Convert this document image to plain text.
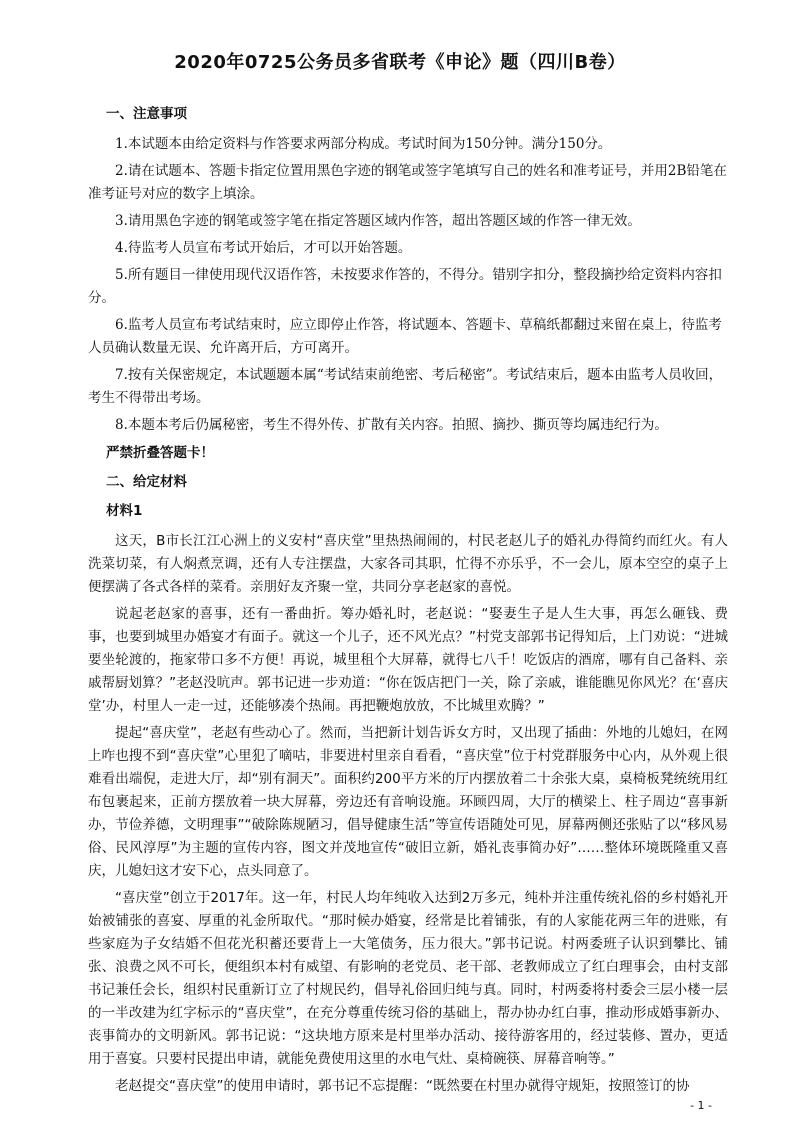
2020年0725公务员多省联考《申论》题（四川B卷）
一、注意事项

1.本试题本由给定资料与作答要求两部分构成。考试时间为150分钟。满分150分。

2.请在试题本、答题卡指定位置用黑色字迹的钢笔或签字笔填写自己的姓名和准考证号，并用2B铅笔在准考证号对应的数字上填涂。

3.请用黑色字迹的钢笔或签字笔在指定答题区域内作答，超出答题区域的作答一律无效。

4.待监考人员宣布考试开始后，才可以开始答题。

5.所有题目一律使用现代汉语作答，未按要求作答的，不得分。错别字扣分，整段摘抄给定资料内容扣分。

6.监考人员宣布考试结束时，应立即停止作答，将试题本、答题卡、草稿纸都翻过来留在桌上，待监考人员确认数量无误、允许离开后，方可离开。

7.按有关保密规定，本试题题本属“考试结束前绝密、考后秘密”。考试结束后，题本由监考人员收回，考生不得带出考场。

8.本题本考后仍属秘密，考生不得外传、扩散有关内容。拍照、摘抄、撕页等均属违纪行为。

严禁折叠答题卡！
二、给定材料
材料1

这天，B市长江江心洲上的义安村“喜庆堂”里热热闹闹的，村民老赵儿子的婚礼办得简约而红火。有人洗菜切菜，有人焖煮烹调，还有人专注摆盘，大家各司其职，忙得不亦乐乎，不一会儿，原本空空的桌子上便摆满了各式各样的菜肴。亲朋好友齐聚一堂，共同分享老赵家的喜悦。

说起老赵家的喜事，还有一番曲折。筹办婚礼时，老赵说：“娶妻生子是人生大事，再怎么砸钱、费事，也要到城里办婚宴才有面子。就这一个儿子，还不风光点？”村党支部郭书记得知后，上门劝说：“进城要坐轮渡的，拖家带口多不方便！再说，城里租个大屏幕，就得七八千！吃饭店的酒席，哪有自己备料、亲戚帮厨划算？”老赵没吭声。郭书记进一步劝道：“你在饭店把门一关，除了亲戚，谁能瞧见你风光？在‘喜庆堂’办，村里人一走一过，还能够凑个热闹。再把鞭炮放放，不比城里欢腾？”

提起“喜庆堂”，老赵有些动心了。然而，当把新计划告诉女方时，又出现了插曲：外地的儿媳妇，在网上咋也搜不到“喜庆堂”心里犯了嘀咕，非要进村里亲自看看，“喜庆堂”位于村党群服务中心内，从外观上很难看出端倪，走进大厅，却“别有洞天”。面积约200平方米的厅内摆放着二十余张大桌，桌椅板凳统统用红布包裹起来，正前方摆放着一块大屏幕，旁边还有音响设施。环顾四周，大厅的横梁上、柱子周边“喜事新办，节俭养德，文明理事”“破除陈规陋习，倡导健康生活”等宣传语随处可见，屏幕两侧还张贴了以“移风易俗、民风淳厚”为主题的宣传内容，图文并茂地宣传“破旧立新，婚礼丧事简办好”……整体环境既隆重又喜庆，儿媳妇这才安下心，点头同意了。

“喜庆堂”创立于2017年。这一年，村民人均年纯收入达到2万多元，纯朴并注重传统礼俗的乡村婚礼开始被铺张的喜宴、厚重的礼金所取代。“那时候办婚宴，经常是比着铺张，有的人家能花两三年的进账，有些家庭为子女结婚不但花光积蓄还要背上一大笔债务，压力很大。”郭书记说。村两委班子认识到攀比、铺张、浪费之风不可长，便组织本村有威望、有影响的老党员、老干部、老教师成立了红白理事会，由村支部书记兼任会长，组织村民重新订立了村规民约，倡导礼俗回归纯与真。同时，村两委将村委会三层小楼一层的一半改建为红字标示的“喜庆堂”，在充分尊重传统习俗的基础上，帮办协办红白事，推动形成婚事新办、丧事简办的文明新风。郭书记说：“这块地方原来是村里举办活动、接待游客用的，经过装修、置办，更适用于喜宴。只要村民提出申请，就能免费使用这里的水电气灶、桌椅碗筷、屏幕音响等。”

老赵提交“喜庆堂”的使用申请时，郭书记不忘提醒：“既然要在村里办就得守规矩，按照签订的协

- 1 -
